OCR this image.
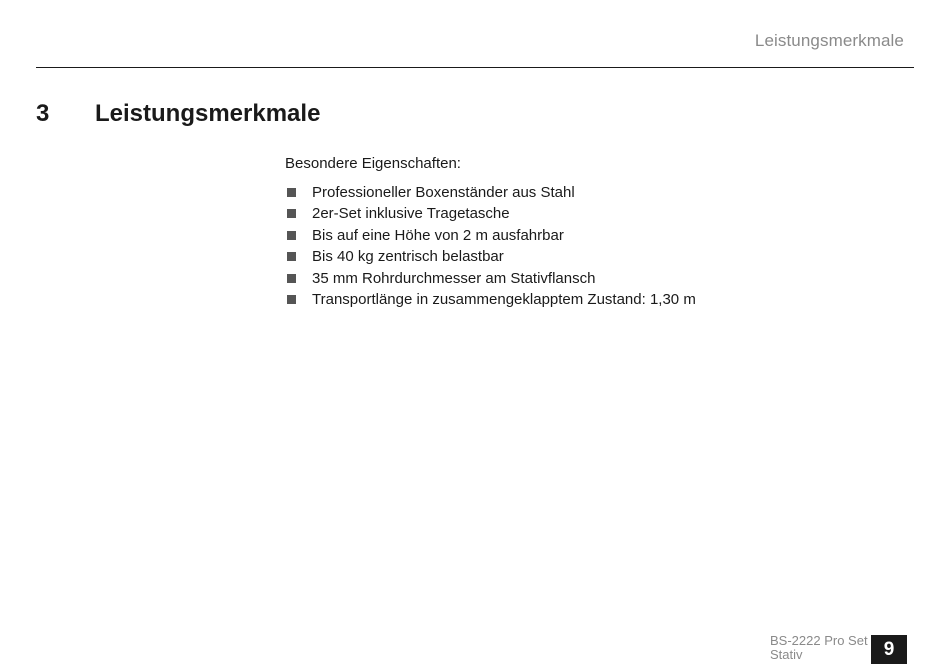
Leistungsmerkmale
3 Leistungsmerkmale

Besondere Eigenschaften:

Professioneller Boxenständer aus Stahl
2er-Set inklusive Tragetasche
Bis auf eine Höhe von 2 m ausfahrbar
Bis 40 kg zentrisch belastbar
35 mm Rohrdurchmesser am Stativflansch
Transportlänge in zusammengeklapptem Zustand: 1,30 m
BS-2222 Pro Set
Stativ	9
